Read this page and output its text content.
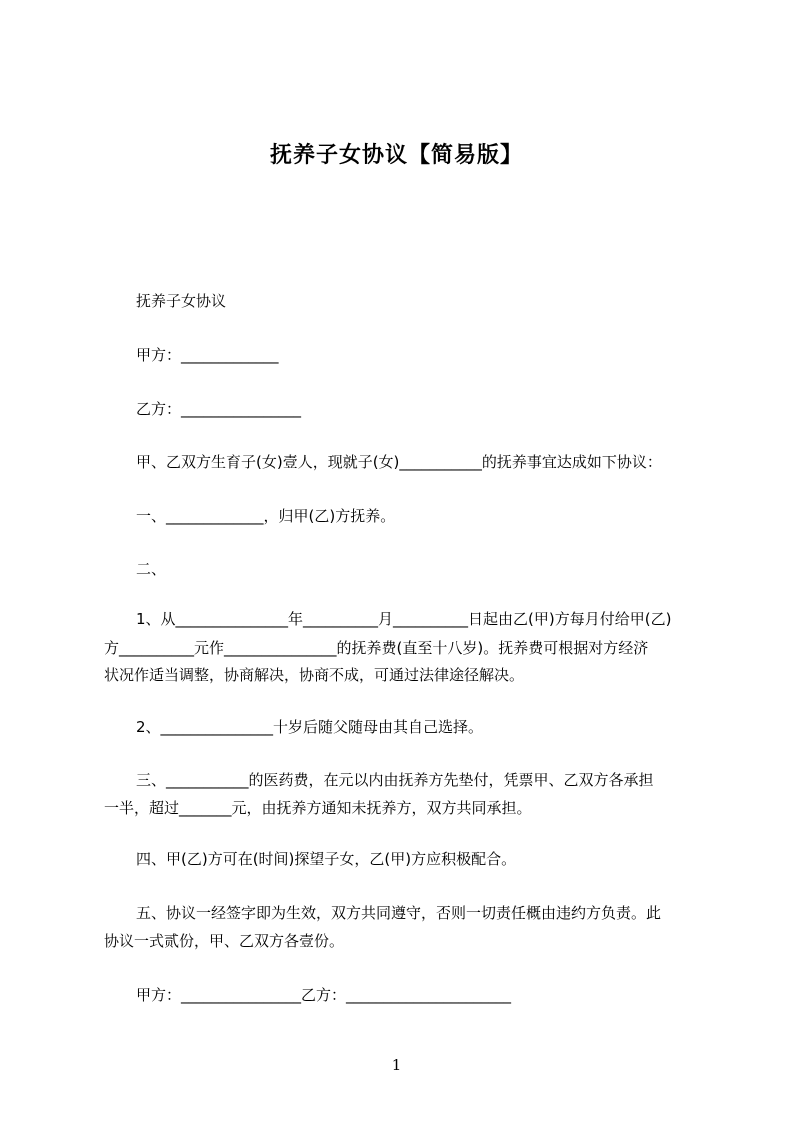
抚养子女协议【简易版】
抚养子女协议
甲方：_____________
乙方：________________
甲、乙双方生育子(女)壹人，现就子(女)___________的抚养事宜达成如下协议：
一、_____________，归甲(乙)方抚养。
二、
1、从_______________年__________月__________日起由乙(甲)方每月付给甲(乙)
方__________元作_______________的抚养费(直至十八岁)。抚养费可根据对方经济
状况作适当调整，协商解决，协商不成，可通过法律途径解决。
2、_______________十岁后随父随母由其自己选择。
三、___________的医药费，在元以内由抚养方先垫付，凭票甲、乙双方各承担
一半，超过_______元，由抚养方通知未抚养方，双方共同承担。
四、甲(乙)方可在(时间)探望子女，乙(甲)方应积极配合。
五、协议一经签字即为生效，双方共同遵守，否则一切责任概由违约方负责。此
协议一式贰份，甲、乙双方各壹份。
甲方：________________乙方：______________________
1
